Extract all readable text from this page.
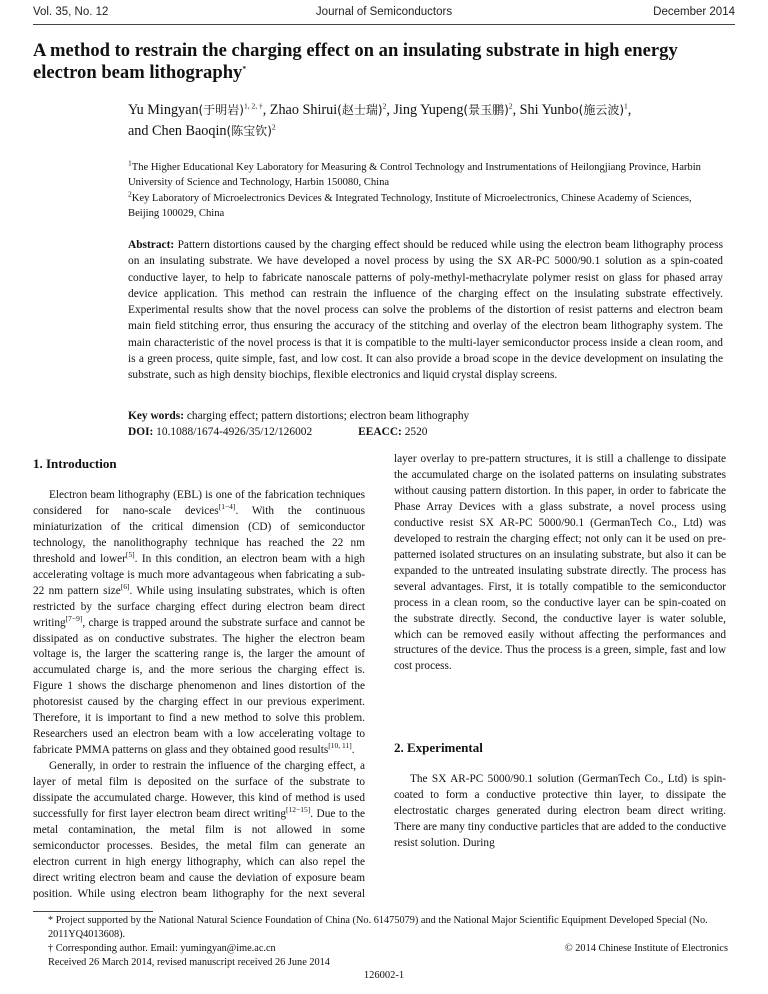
Vol. 35, No. 12	Journal of Semiconductors	December 2014
A method to restrain the charging effect on an insulating substrate in high energy electron beam lithography*
Yu Mingyan(于明岩)$^{1, 2, \dagger}$, Zhao Shirui(赵士瑞)$^2$, Jing Yupeng(景玉鹏)$^2$, Shi Yunbo(施云波)$^1$,
and Chen Baoqin(陈宝钦)$^2$

$^1$The Higher Educational Key Laboratory for Measuring & Control Technology and Instrumentations of Heilongjiang Province, Harbin University of Science and Technology, Harbin 150080, China

$^2$Key Laboratory of Microelectronics Devices & Integrated Technology, Institute of Microelectronics, Chinese Academy of Sciences, Beijing 100029, China

Abstract: Pattern distortions caused by the charging effect should be reduced while using the electron beam lithography process on an insulating substrate. We have developed a novel process by using the SX AR-PC 5000/90.1 solution as a spin-coated conductive layer, to help to fabricate nanoscale patterns of poly-methyl-methacrylate polymer resist on glass for phased array device application. This method can restrain the influence of the charging effect on the insulating substrate effectively. Experimental results show that the novel process can solve the problems of the distortion of resist patterns and electron beam main field stitching error, thus ensuring the accuracy of the stitching and overlay of the electron beam lithography system. The main characteristic of the novel process is that it is compatible to the multi-layer semiconductor process inside a clean room, and is a green process, quite simple, fast, and low cost. It can also provide a broad scope in the device development on insulating the substrate, such as high density biochips, flexible electronics and liquid crystal display screens.

Key words: charging effect; pattern distortions; electron beam lithography

DOI: 10.1088/1674-4926/35/12/126002	EEACC: 2520

1. Introduction

Electron beam lithography (EBL) is one of the fabrication techniques considered for nano-scale devices[1−4]. With the continuous miniaturization of the critical dimension (CD) of semiconductor technology, the nanolithography technique has reached the 22 nm threshold and lower[5]. In this condition, an electron beam with a high accelerating voltage is much more advantageous when fabricating a sub-22 nm pattern size[6]. While using insulating substrates, which is often restricted by the surface charging effect during electron beam direct writing[7−9], charge is trapped around the substrate surface and cannot be dissipated as on conductive substrates. The higher the electron beam voltage is, the larger the scattering range is, the larger the amount of accumulated charge is, and the more serious the charging effect is. Figure 1 shows the discharge phenomenon and lines distortion of the photoresist caused by the charging effect in our previous experiment. Therefore, it is important to find a new method to solve this problem. Researchers used an electron beam with a low accelerating voltage to fabricate PMMA patterns on glass and they obtained good results[10, 11].

Generally, in order to restrain the influence of the charging effect, a layer of metal film is deposited on the surface of the substrate to dissipate the accumulated charge. However, this kind of method is used successfully for first layer electron beam direct writing[12−15]. Due to the metal contamination, the metal film is not allowed in some semiconductor processes. Besides, the metal film can generate an electron current in high energy lithography, which can also repel the direct writing electron beam and cause the deviation of exposure beam position. While using electron beam lithography for the next several

layer overlay to pre-pattern structures, it is still a challenge to dissipate the accumulated charge on the isolated patterns on insulating substrates without causing pattern distortion. In this paper, in order to fabricate the Phase Array Devices with a glass substrate, a novel process using conductive resist SX AR-PC 5000/90.1 (GermanTech Co., Ltd) was developed to restrain the charging effect; not only can it be used on pre-patterned isolated structures on an insulating substrate, but also it can be expanded to the untreated insulating substrate directly. The process has several advantages. First, it is totally compatible to the semiconductor process in a clean room, so the conductive layer can be spin-coated on the substrate directly. Second, the conductive layer is water soluble, which can be removed easily without affecting the performances and structures of the device. Thus the process is a green, simple, fast and low cost process.

2. Experimental

The SX AR-PC 5000/90.1 solution (GermanTech Co., Ltd) is spin-coated to form a conductive protective thin layer, to dissipate the electrostatic charges generated during electron beam direct writing. There are many tiny conductive particles that are added to the conductive resist solution. During

* Project supported by the National Natural Science Foundation of China (No. 61475079) and the National Major Scientific Equipment Developed Special (No. 2011YQ4013608).

† Corresponding author. Email: yumingyan@ime.ac.cn

Received 26 March 2014, revised manuscript received 26 June 2014

© 2014 Chinese Institute of Electronics
126002-1
